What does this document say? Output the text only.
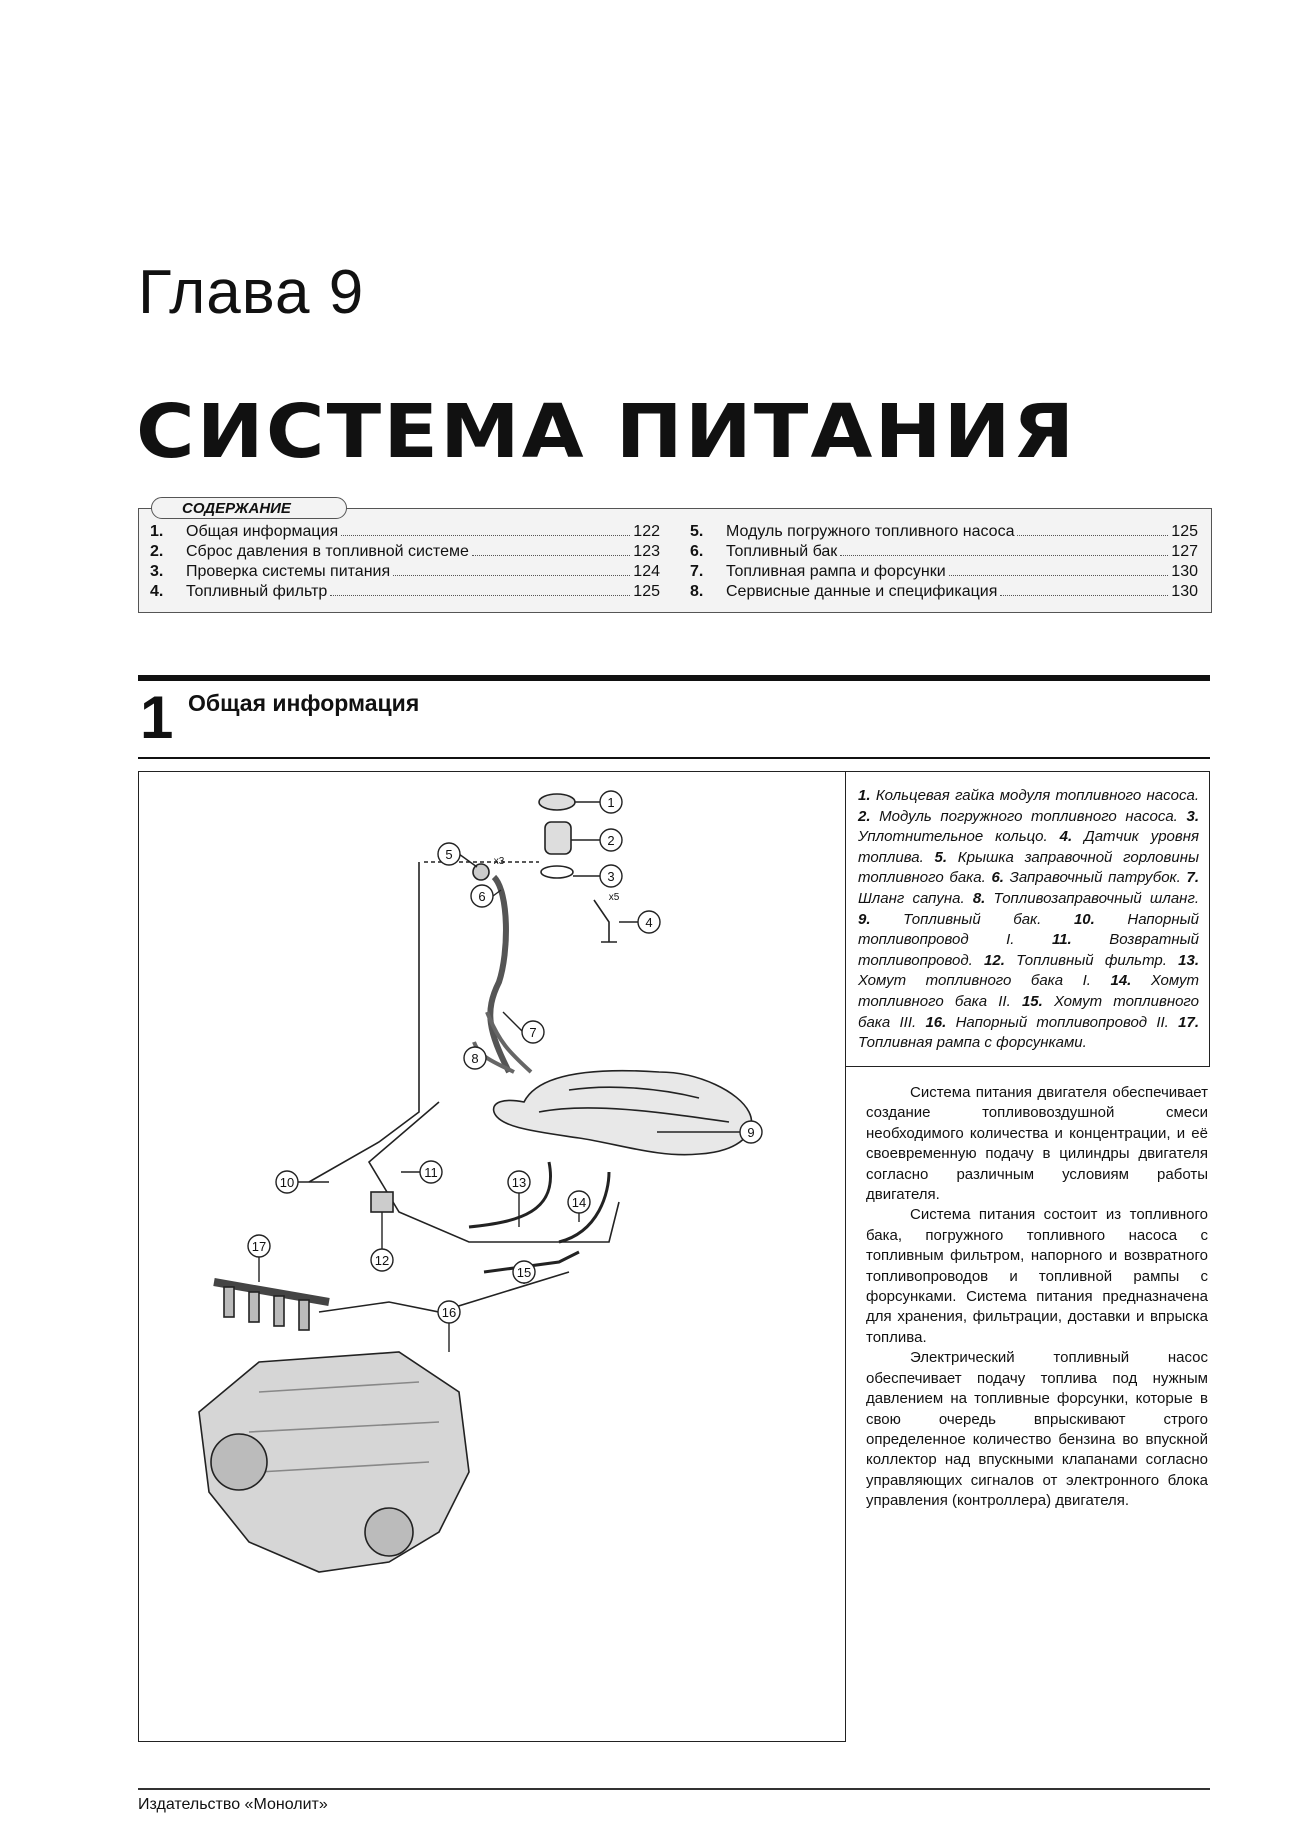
Глава 9
СИСТЕМА ПИТАНИЯ
СОДЕРЖАНИЕ
1.	Общая информация	122
2.	Сброс давления в топливной системе	123
3.	Проверка системы питания	124
4.	Топливный фильтр	125
5.	Модуль погружного топливного насоса	125
6.	Топливный бак	127
7.	Топливная рампа и форсунки	130
8.	Сервисные данные и спецификация	130
1 Общая информация
1
2
3
4
5
6
7
8
9
10
11
12
13
14
15
16
17
x3
x5
1. Кольцевая гайка модуля топливного насоса. 2. Модуль погружного топливного насоса. 3. Уплотнительное кольцо. 4. Датчик уровня топлива. 5. Крышка заправочной горловины топливного бака. 6. Заправочный патрубок. 7. Шланг сапуна. 8. Топливозаправочный шланг. 9. Топливный бак. 10. Напорный топливопровод I.	11.	Возвратный топливопровод. 12. Топливный фильтр. 13. Хомут топливного бака I. 14. Хомут топливного бака II. 15. Хомут топливного бака III. 16. Напорный топливопровод II. 17. Топливная рампа с форсунками.

Система питания двигателя обеспечивает создание топливовоздушной смеси необходимого количества и концентрации, и её своевременную подачу в цилиндры двигателя согласно различным условиям работы двигателя.

Система питания состоит из топливного бака, погружного топливного насоса с топливным фильтром, напорного и возвратного топливопроводов и топливной рампы с форсунками. Система питания предназначена для хранения, фильтрации, доставки и впрыска топлива.

Электрический топливный насос обеспечивает подачу топлива под нужным давлением на топливные форсунки, которые в свою очередь впрыскивают строго определенное количество бензина во впускной коллектор над впускными клапанами согласно управляющих сигналов от электронного блока управления (контроллера) двигателя.

Издательство «Монолит»
